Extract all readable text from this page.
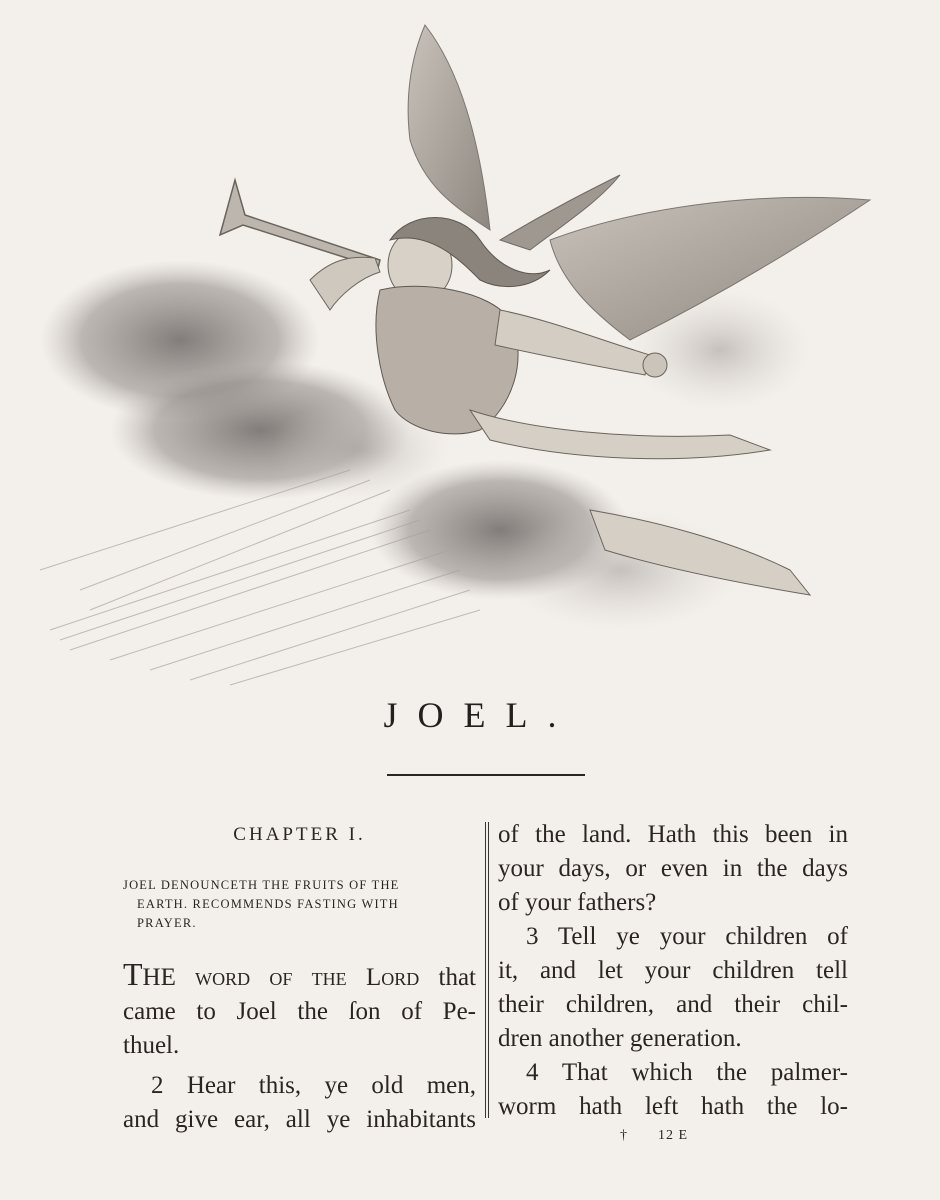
JOEL.
CHAPTER I.
JOEL DENOUNCETH THE FRUITS OF THE
EARTH. RECOMMENDS FASTING WITH
PRAYER.
THE word of the Lord that
came to Joel the ſon of Pe-
thuel.
2 Hear this, ye old men,
and give ear, all ye inhabitants
of the land. Hath this been in
your days, or even in the days
of your fathers?
3 Tell ye your children of
it, and let your children tell
their children, and their chil-
dren another generation.
4 That which the palmer-
worm hath left hath the lo-
† 12 E
